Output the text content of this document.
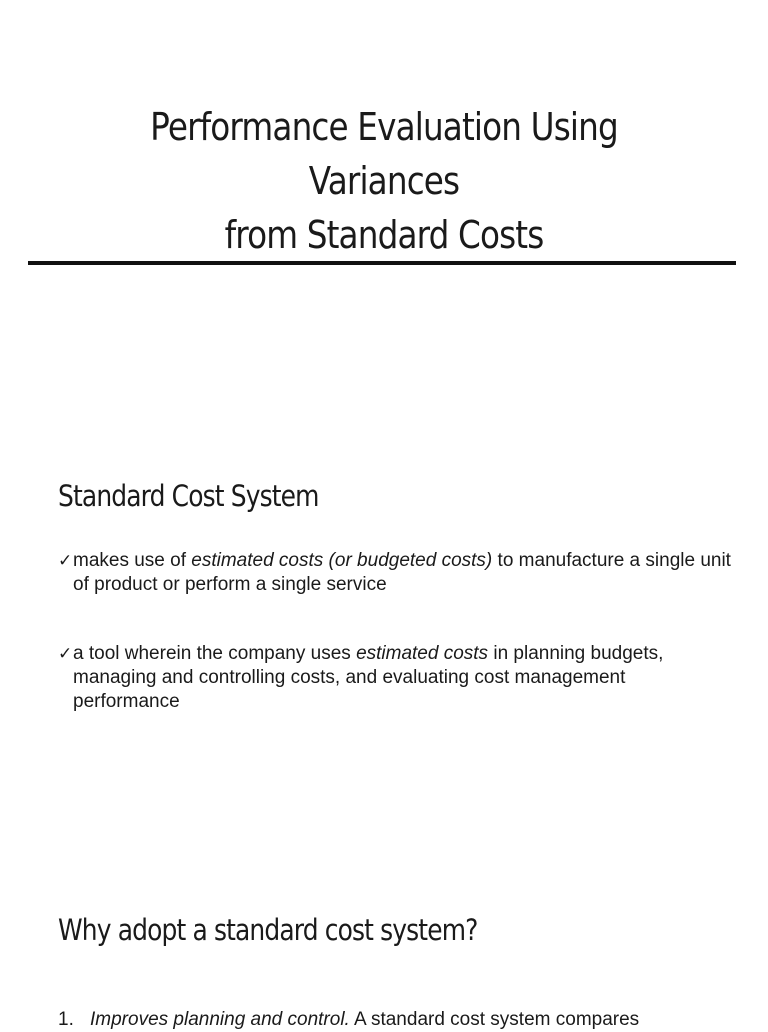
Performance Evaluation Using Variances
from Standard Costs
Standard Cost System

✓makes use of estimated costs (or budgeted costs) to manufacture a single unit of product or perform a single service

✓a tool wherein the company uses estimated costs in planning budgets, managing and controlling costs, and evaluating cost management performance

Why adopt a standard cost system?

1. Improves planning and control. A standard cost system compares
